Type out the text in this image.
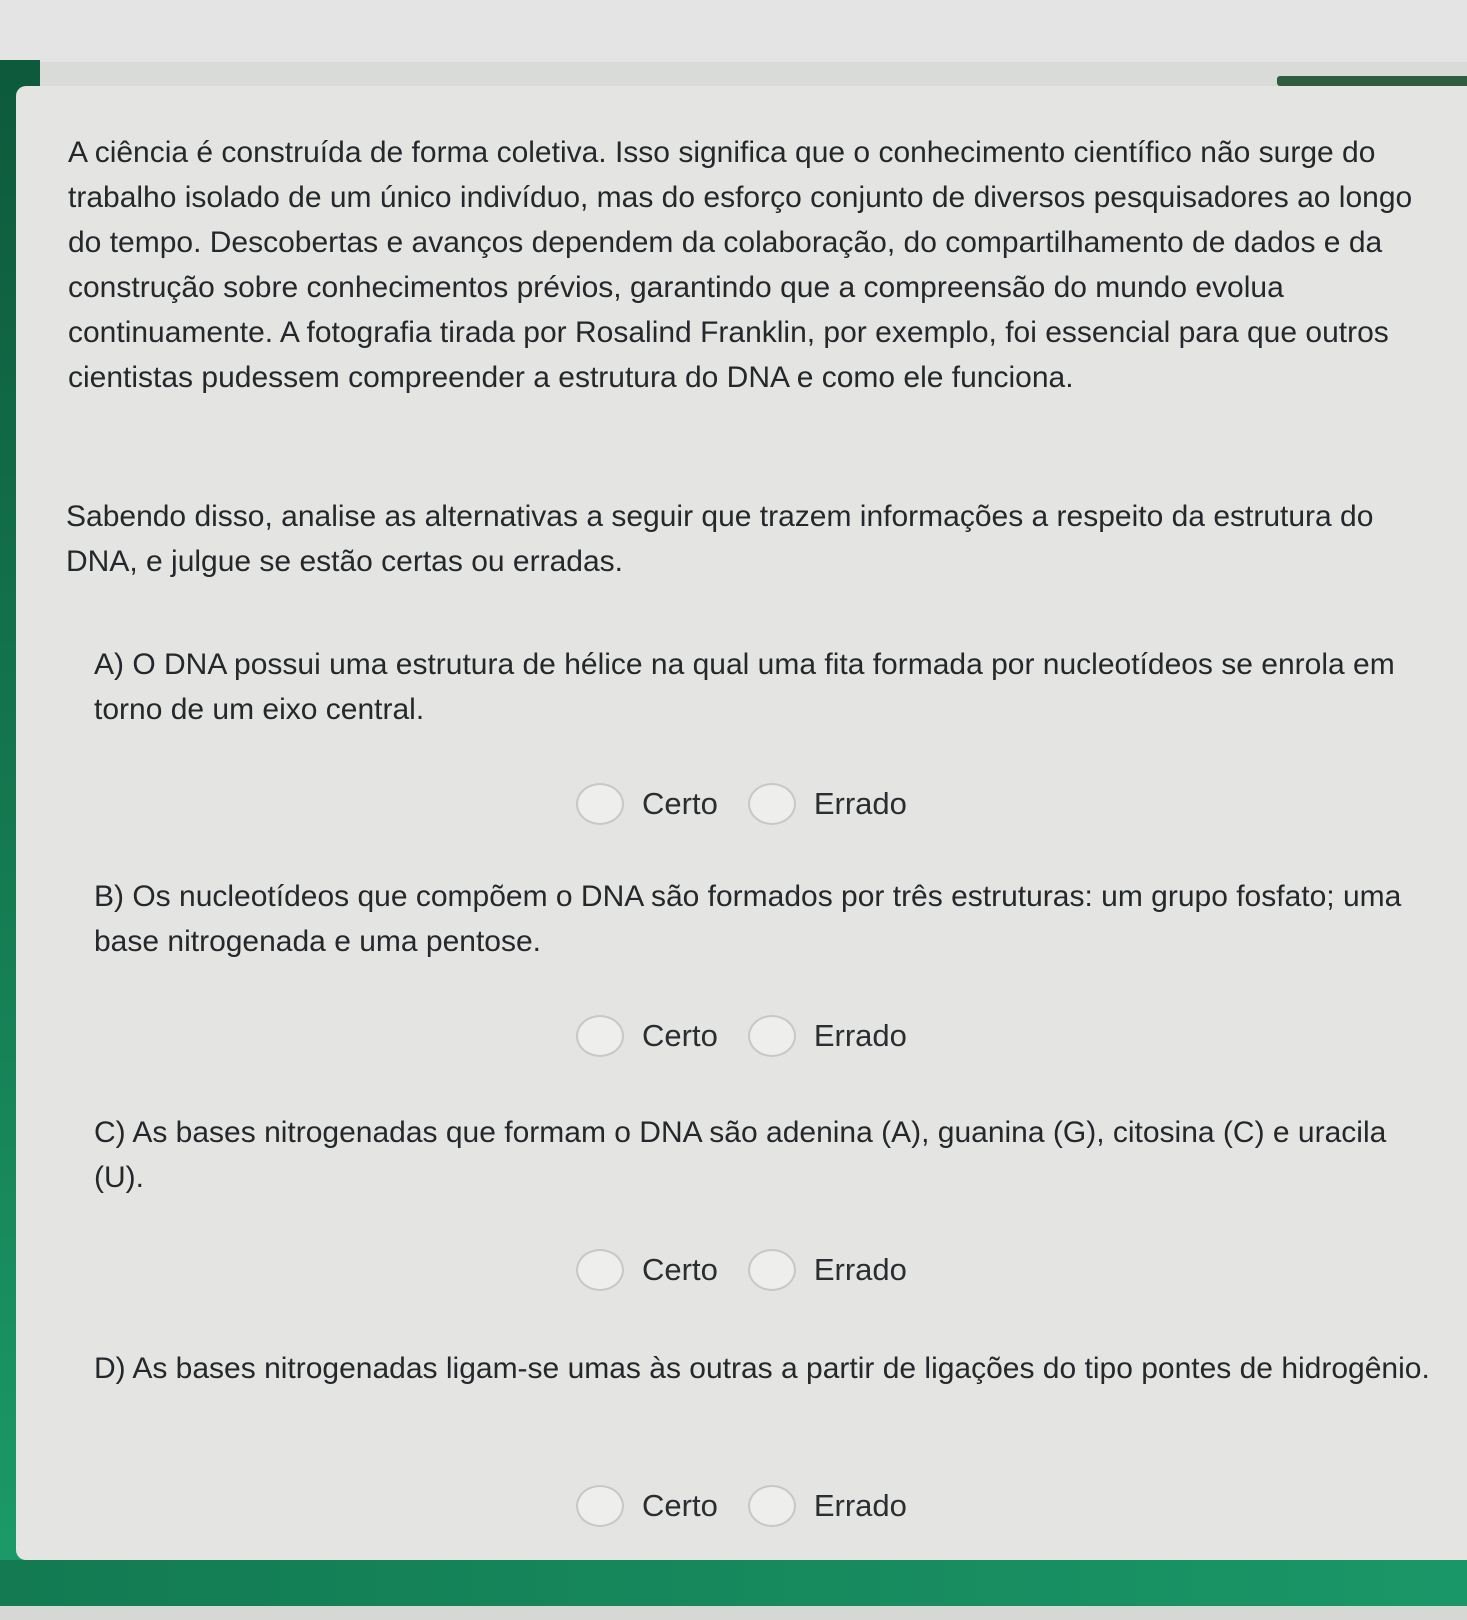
A ciência é construída de forma coletiva. Isso significa que o conhecimento científico não surge do trabalho isolado de um único indivíduo, mas do esforço conjunto de diversos pesquisadores ao longo do tempo. Descobertas e avanços dependem da colaboração, do compartilhamento de dados e da construção sobre conhecimentos prévios, garantindo que a compreensão do mundo evolua continuamente. A fotografia tirada por Rosalind Franklin, por exemplo, foi essencial para que outros cientistas pudessem compreender a estrutura do DNA e como ele funciona.

Sabendo disso, analise as alternativas a seguir que trazem informações a respeito da estrutura do DNA, e julgue se estão certas ou erradas.

A) O DNA possui uma estrutura de hélice na qual uma fita formada por nucleotídeos se enrola em torno de um eixo central.

Certo	Errado

B) Os nucleotídeos que compõem o DNA são formados por três estruturas: um grupo fosfato; uma base nitrogenada e uma pentose.

Certo	Errado

C) As bases nitrogenadas que formam o DNA são adenina (A), guanina (G), citosina (C) e uracila (U).

Certo	Errado

D) As bases nitrogenadas ligam-se umas às outras a partir de ligações do tipo pontes de hidrogênio.

Certo	Errado
